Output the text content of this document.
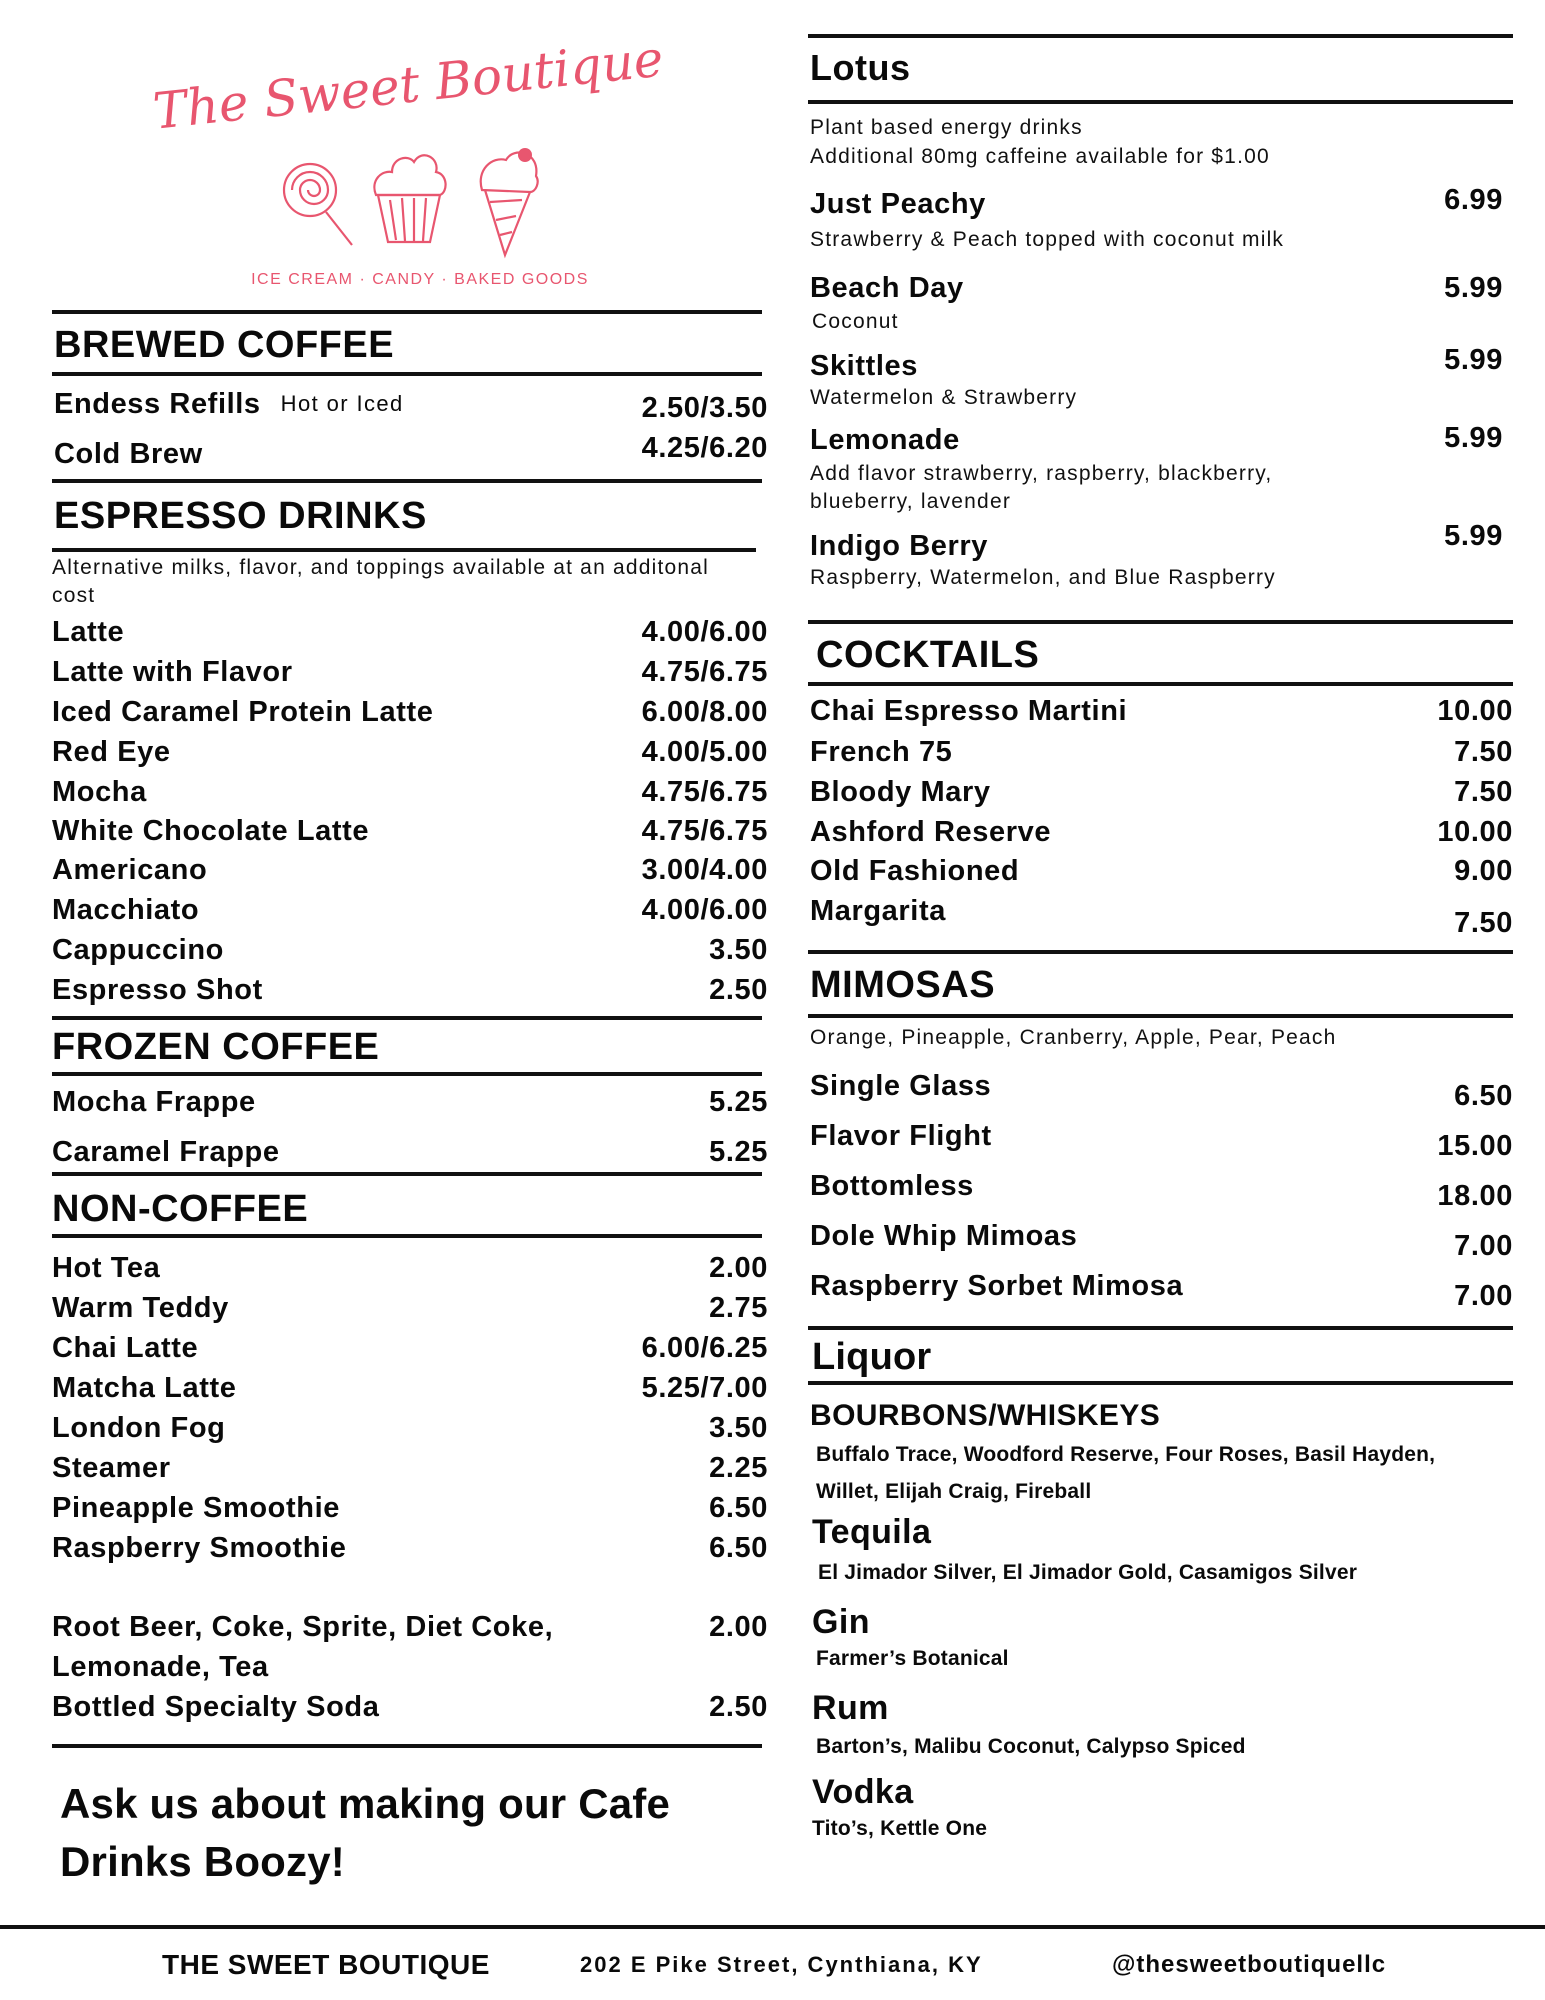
The Sweet Boutique
ICE CREAM · CANDY · BAKED GOODS
BREWED COFFEE
Endess Refills Hot or Iced	2.50/3.50
Cold Brew	4.25/6.20
ESPRESSO DRINKS
Alternative milks, flavor, and toppings available at an additonal cost
Latte	4.00/6.00
Latte with Flavor	4.75/6.75
Iced Caramel Protein Latte	6.00/8.00
Red Eye	4.00/5.00
Mocha	4.75/6.75
White Chocolate Latte	4.75/6.75
Americano	3.00/4.00
Macchiato	4.00/6.00
Cappuccino	3.50
Espresso Shot	2.50
FROZEN COFFEE
Mocha Frappe	5.25
Caramel Frappe	5.25
NON-COFFEE
Hot Tea	2.00
Warm Teddy	2.75
Chai Latte	6.00/6.25
Matcha Latte	5.25/7.00
London Fog	3.50
Steamer	2.25
Pineapple Smoothie	6.50
Raspberry Smoothie	6.50
Root Beer, Coke, Sprite, Diet Coke,	2.00
Lemonade, Tea
Bottled Specialty Soda	2.50
Ask us about making our Cafe Drinks Boozy!
Lotus
Plant based energy drinks
Additional 80mg caffeine available for $1.00
Just Peachy	6.99
Strawberry & Peach topped with coconut milk
Beach Day	5.99
Coconut
Skittles	5.99
Watermelon & Strawberry
Lemonade	5.99
Add flavor strawberry, raspberry, blackberry, blueberry, lavender
Indigo Berry	5.99
Raspberry, Watermelon, and Blue Raspberry
COCKTAILS
Chai Espresso Martini	10.00
French 75	7.50
Bloody Mary	7.50
Ashford Reserve	10.00
Old Fashioned	9.00
Margarita	7.50
MIMOSAS
Orange, Pineapple, Cranberry, Apple, Pear, Peach
Single Glass	6.50
Flavor Flight	15.00
Bottomless	18.00
Dole Whip Mimoas	7.00
Raspberry Sorbet Mimosa	7.00
Liquor
BOURBONS/WHISKEYS
Buffalo Trace, Woodford Reserve, Four Roses, Basil Hayden, Willet, Elijah Craig, Fireball
Tequila
El Jimador Silver, El Jimador Gold, Casamigos Silver
Gin
Farmer’s Botanical
Rum
Barton’s, Malibu Coconut, Calypso Spiced
Vodka
Tito’s, Kettle One
THE SWEET BOUTIQUE	202 E Pike Street, Cynthiana, KY	@thesweetboutiquellc
